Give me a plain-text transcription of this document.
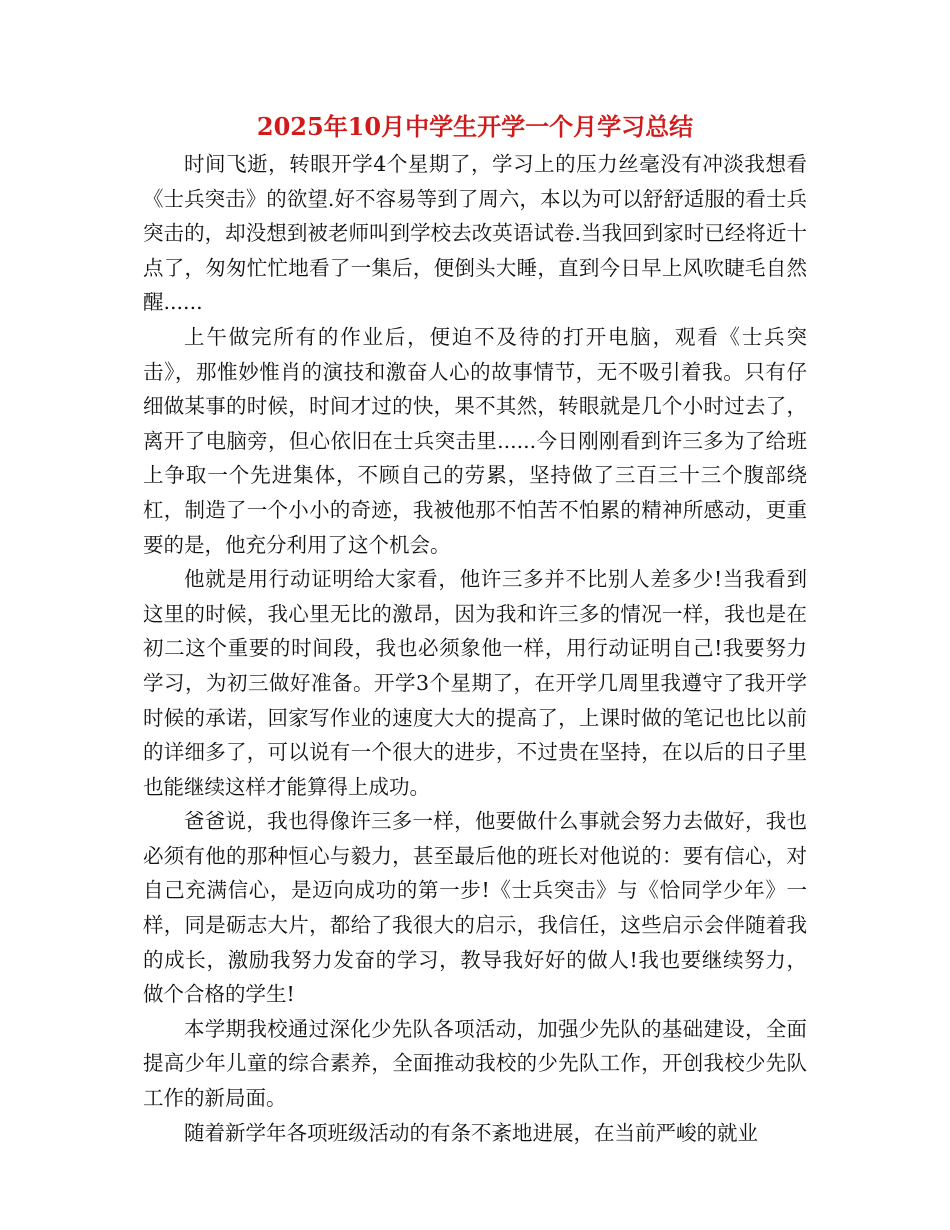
2025年10月中学生开学一个月学习总结

时间飞逝，转眼开学4个星期了，学习上的压力丝毫没有冲淡我想看《士兵突击》的欲望.好不容易等到了周六，本以为可以舒舒适服的看士兵突击的，却没想到被老师叫到学校去改英语试卷.当我回到家时已经将近十点了，匆匆忙忙地看了一集后，便倒头大睡，直到今日早上风吹睫毛自然醒......

上午做完所有的作业后，便迫不及待的打开电脑，观看《士兵突击》，那惟妙惟肖的演技和激奋人心的故事情节，无不吸引着我。只有仔细做某事的时候，时间才过的快，果不其然，转眼就是几个小时过去了，离开了电脑旁，但心依旧在士兵突击里......今日刚刚看到许三多为了给班上争取一个先进集体，不顾自己的劳累，坚持做了三百三十三个腹部绕杠，制造了一个小小的奇迹，我被他那不怕苦不怕累的精神所感动，更重要的是，他充分利用了这个机会。

他就是用行动证明给大家看，他许三多并不比别人差多少!当我看到这里的时候，我心里无比的激昂，因为我和许三多的情况一样，我也是在初二这个重要的时间段，我也必须象他一样，用行动证明自己!我要努力学习，为初三做好准备。开学3个星期了，在开学几周里我遵守了我开学时候的承诺，回家写作业的速度大大的提高了，上课时做的笔记也比以前的详细多了，可以说有一个很大的进步，不过贵在坚持，在以后的日子里也能继续这样才能算得上成功。

爸爸说，我也得像许三多一样，他要做什么事就会努力去做好，我也必须有他的那种恒心与毅力，甚至最后他的班长对他说的：要有信心，对自己充满信心，是迈向成功的第一步!《士兵突击》与《恰同学少年》一样，同是砺志大片，都给了我很大的启示，我信任，这些启示会伴随着我的成长，激励我努力发奋的学习，教导我好好的做人!我也要继续努力，做个合格的学生!

本学期我校通过深化少先队各项活动，加强少先队的基础建设，全面提高少年儿童的综合素养，全面推动我校的少先队工作，开创我校少先队工作的新局面。

随着新学年各项班级活动的有条不紊地进展，在当前严峻的就业
